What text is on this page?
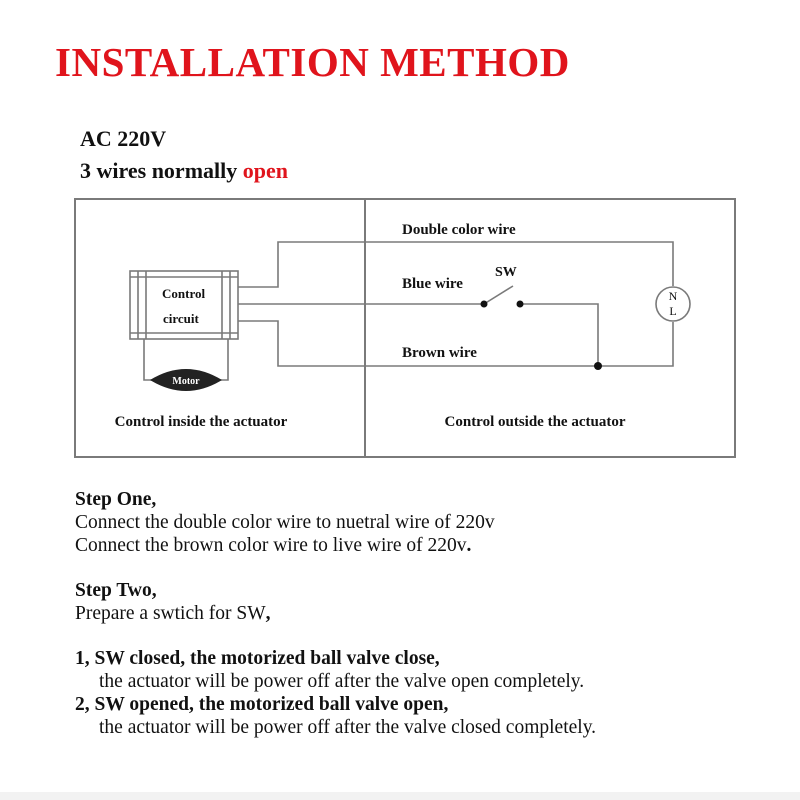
INSTALLATION METHOD

AC 220V

3 wires normally open

Control
circuit
Motor
N
L
Double color wire
Blue wire
SW
Brown wire
Control inside the actuator	Control outside the actuator
Step One,
Connect the double color wire to nuetral wire of 220v
Connect the brown color wire to live wire of 220v.
Step Two,
Prepare a swtich for SW,
1, SW closed, the motorized ball valve close,
the actuator will be power off after the valve open completely.
2, SW opened, the motorized ball valve open,
the actuator will be power off after the valve closed completely.
